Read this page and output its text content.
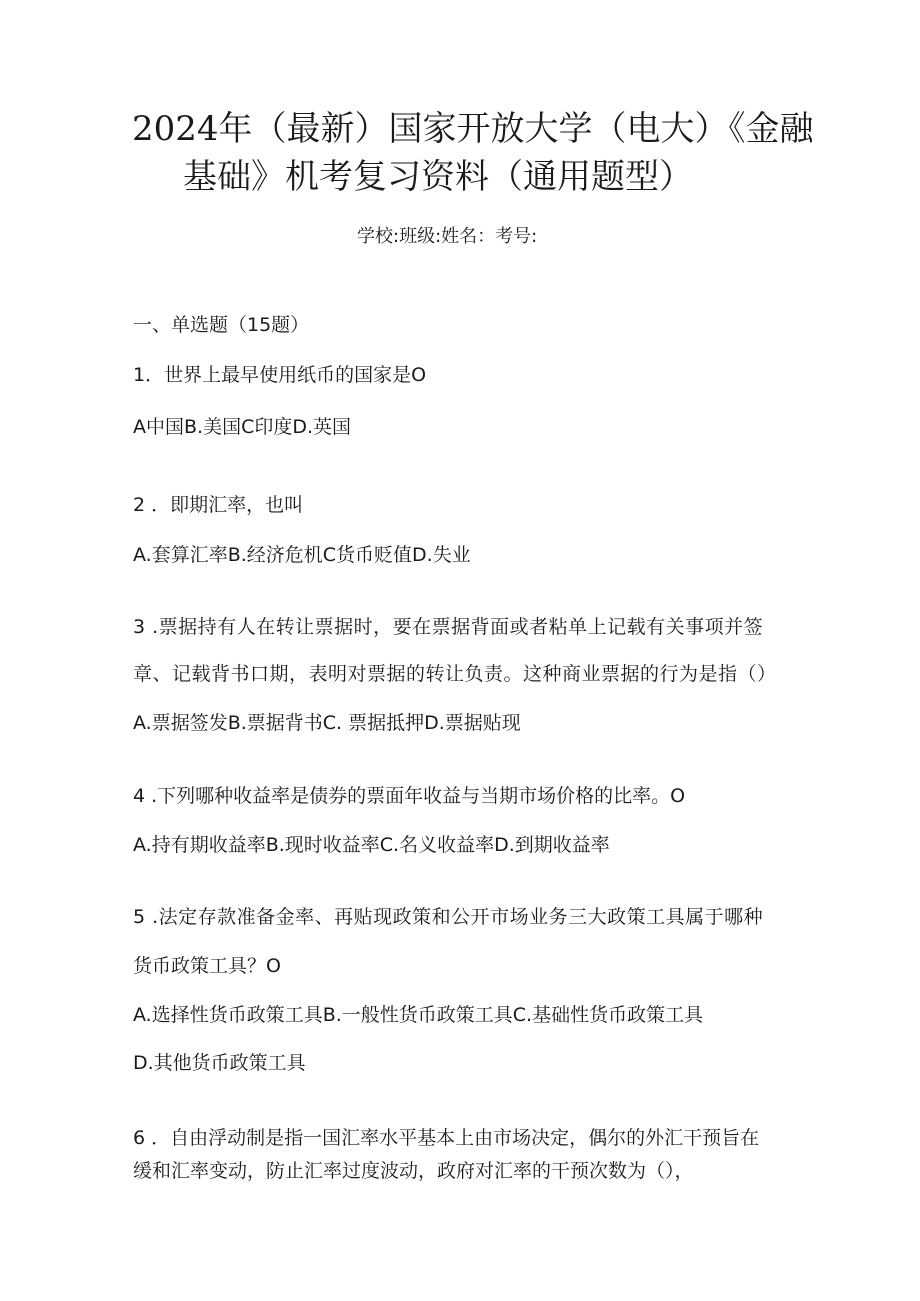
2024年（最新）国家开放大学（电大）《金融
基础》机考复习资料（通用题型）
学校:班级:姓名：考号:
一、单选题（15题）
1．世界上最早使用纸币的国家是O
A中国B.美国C印度D.英国
2 ．即期汇率，也叫
A.套算汇率B.经济危机C货币贬值D.失业
3 .票据持有人在转让票据时，要在票据背面或者粘单上记载有关事项并签
章、记载背书口期，表明对票据的转让负责。这种商业票据的行为是指（）
A.票据签发B.票据背书C. 票据抵押D.票据贴现
4 .下列哪种收益率是债券的票面年收益与当期市场价格的比率。O
A.持有期收益率B.现时收益率C.名义收益率D.到期收益率
5 .法定存款准备金率、再贴现政策和公开市场业务三大政策工具属于哪种
货币政策工具？O
A.选择性货币政策工具B.一般性货币政策工具C.基础性货币政策工具
D.其他货币政策工具
6 ．自由浮动制是指一国汇率水平基本上由市场决定，偶尔的外汇干预旨在
缓和汇率变动，防止汇率过度波动，政府对汇率的干预次数为（），
